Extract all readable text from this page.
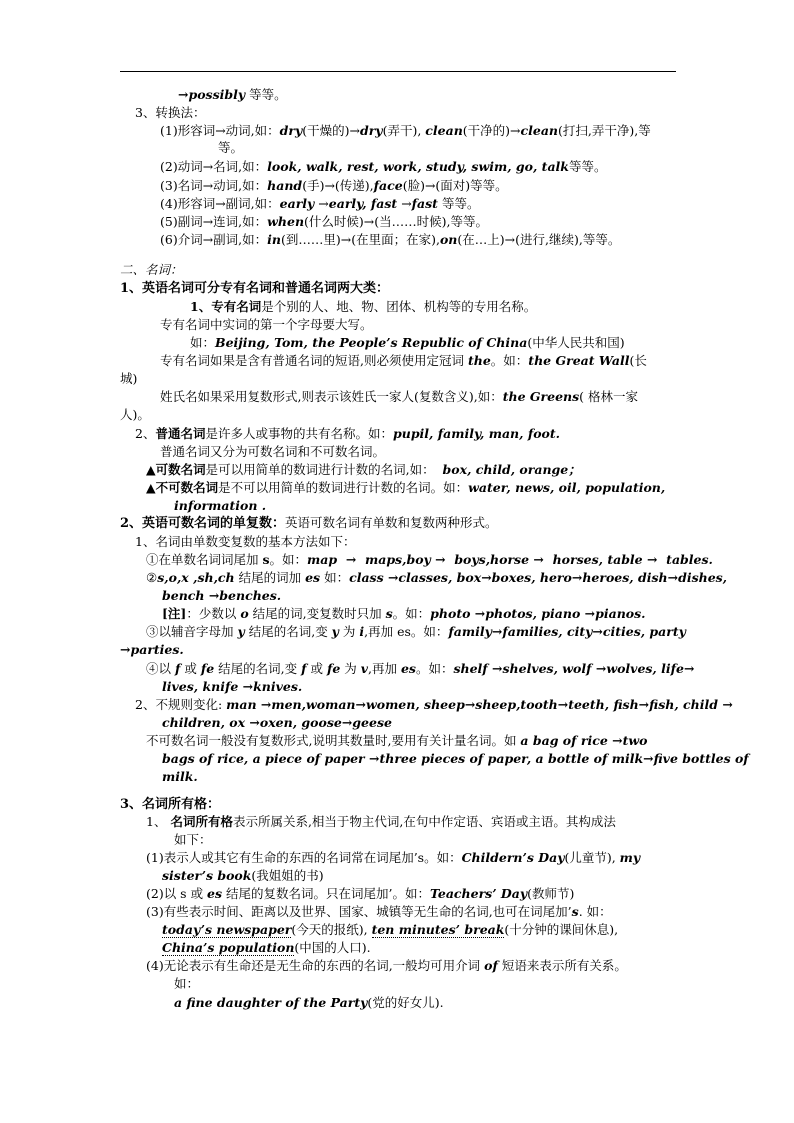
→possibly 等等。
3、转换法：
(1)形容词→动词,如：dry(干燥的)→dry(弄干), clean(干净的)→clean(打扫,弄干净),等
等。
(2)动词→名词,如：look, walk, rest, work, study, swim, go, talk等等。
(3)名词→动词,如：hand(手)→(传递),face(脸)→(面对)等等。
(4)形容词→副词,如：early →early, fast →fast 等等。
(5)副词→连词,如：when(什么时候)→(当……时候),等等。
(6)介词→副词,如：in(到……里)→(在里面；在家),on(在…上)→(进行,继续),等等。
二、名词：
1、英语名词可分专有名词和普通名词两大类：
1、专有名词是个别的人、地、物、团体、机构等的专用名称。
专有名词中实词的第一个字母要大写。
如：Beijing, Tom, the People’s Republic of China(中华人民共和国)
专有名词如果是含有普通名词的短语,则必须使用定冠词 the。如：the Great Wall(长
城)
姓氏名如果采用复数形式,则表示该姓氏一家人(复数含义),如：the Greens( 格林一家
人)。
2、普通名词是许多人或事物的共有名称。如：pupil, family, man, foot.
普通名词又分为可数名词和不可数名词。
▲可数名词是可以用简单的数词进行计数的名词,如：  box, child, orange；
▲不可数名词是不可以用简单的数词进行计数的名词。如：water, news, oil, population,
information .
2、英语可数名词的单复数：英语可数名词有单数和复数两种形式。
1、名词由单数变复数的基本方法如下：
①在单数名词词尾加 s。如：map  →  maps,boy →  boys,horse →  horses, table →  tables.
②s,o,x ,sh,ch 结尾的词加 es 如：class →classes, box→boxes, hero→heroes, dish→dishes,
bench →benches.
[注]：少数以 o 结尾的词,变复数时只加 s。如：photo →photos, piano →pianos.
③以辅音字母加 y 结尾的名词,变 y 为 i,再加 es。如：family→families, city→cities, party
→parties.
④以 f 或 fe 结尾的名词,变 f 或 fe 为 v,再加 es。如：shelf →shelves, wolf →wolves, life→
lives, knife →knives.
2、不规则变化: man →men,woman→women, sheep→sheep,tooth→teeth, fish→fish, child →
children, ox →oxen, goose→geese
不可数名词一般没有复数形式,说明其数量时,要用有关计量名词。如 a bag of rice →two
bags of rice, a piece of paper →three pieces of paper, a bottle of milk→five bottles of
milk.
3、名词所有格：
1、 名词所有格表示所属关系,相当于物主代词,在句中作定语、宾语或主语。其构成法
如下：
(1)表示人或其它有生命的东西的名词常在词尾加’s。如：Childern’s Day(儿童节), my
sister’s book(我姐姐的书)
(2)以 s 或 es 结尾的复数名词。只在词尾加’。如：Teachers’ Day(教师节)
(3)有些表示时间、距离以及世界、国家、城镇等无生命的名词,也可在词尾加’s. 如：
today’s newspaper(今天的报纸), ten minutes’ break(十分钟的课间休息),
China’s population(中国的人口).
(4)无论表示有生命还是无生命的东西的名词,一般均可用介词 of 短语来表示所有关系。
如：
a fine daughter of the Party(党的好女儿).
